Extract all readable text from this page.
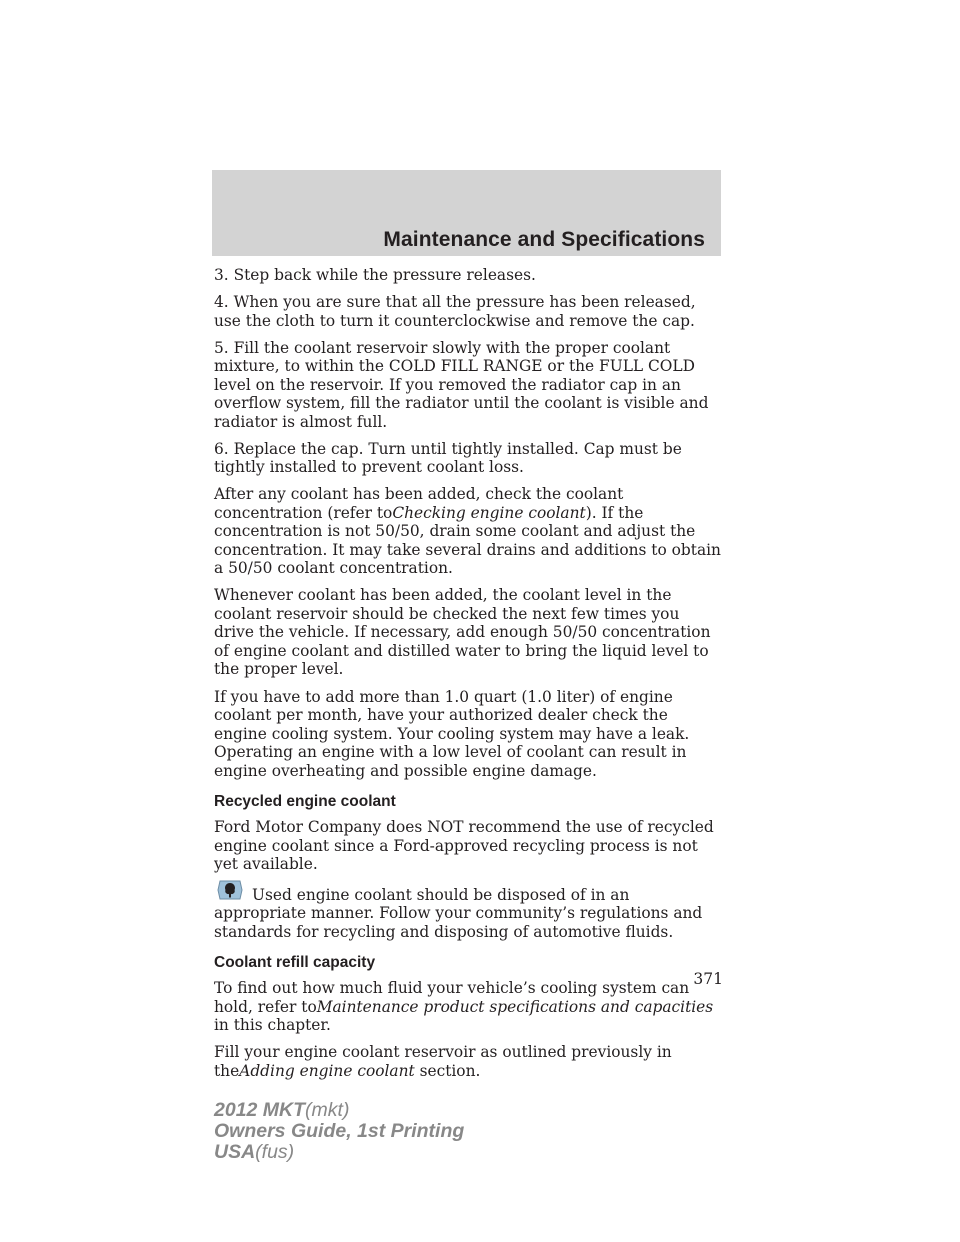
Maintenance and Specifications

3. Step back while the pressure releases.

4. When you are sure that all the pressure has been released, use the cloth to turn it counterclockwise and remove the cap.

5. Fill the coolant reservoir slowly with the proper coolant mixture, to within the COLD FILL RANGE or the FULL COLD level on the reservoir. If you removed the radiator cap in an overflow system, fill the radiator until the coolant is visible and radiator is almost full.

6. Replace the cap. Turn until tightly installed. Cap must be tightly installed to prevent coolant loss.

After any coolant has been added, check the coolant concentration (refer toChecking engine coolant). If the concentration is not 50/50, drain some coolant and adjust the concentration. It may take several drains and additions to obtain a 50/50 coolant concentration.

Whenever coolant has been added, the coolant level in the coolant reservoir should be checked the next few times you drive the vehicle. If necessary, add enough 50/50 concentration of engine coolant and distilled water to bring the liquid level to the proper level.

If you have to add more than 1.0 quart (1.0 liter) of engine coolant per month, have your authorized dealer check the engine cooling system. Your cooling system may have a leak. Operating an engine with a low level of coolant can result in engine overheating and possible engine damage.

Recycled engine coolant

Ford Motor Company does NOT recommend the use of recycled engine coolant since a Ford-approved recycling process is not yet available.

Used engine coolant should be disposed of in an appropriate manner. Follow your community’s regulations and standards for recycling and disposing of automotive fluids.

Coolant refill capacity

To find out how much fluid your vehicle’s cooling system can hold, refer toMaintenance product specifications and capacities in this chapter.

Fill your engine coolant reservoir as outlined previously in theAdding engine coolant section.

371
2012 MKT(mkt)
Owners Guide, 1st Printing
USA(fus)
